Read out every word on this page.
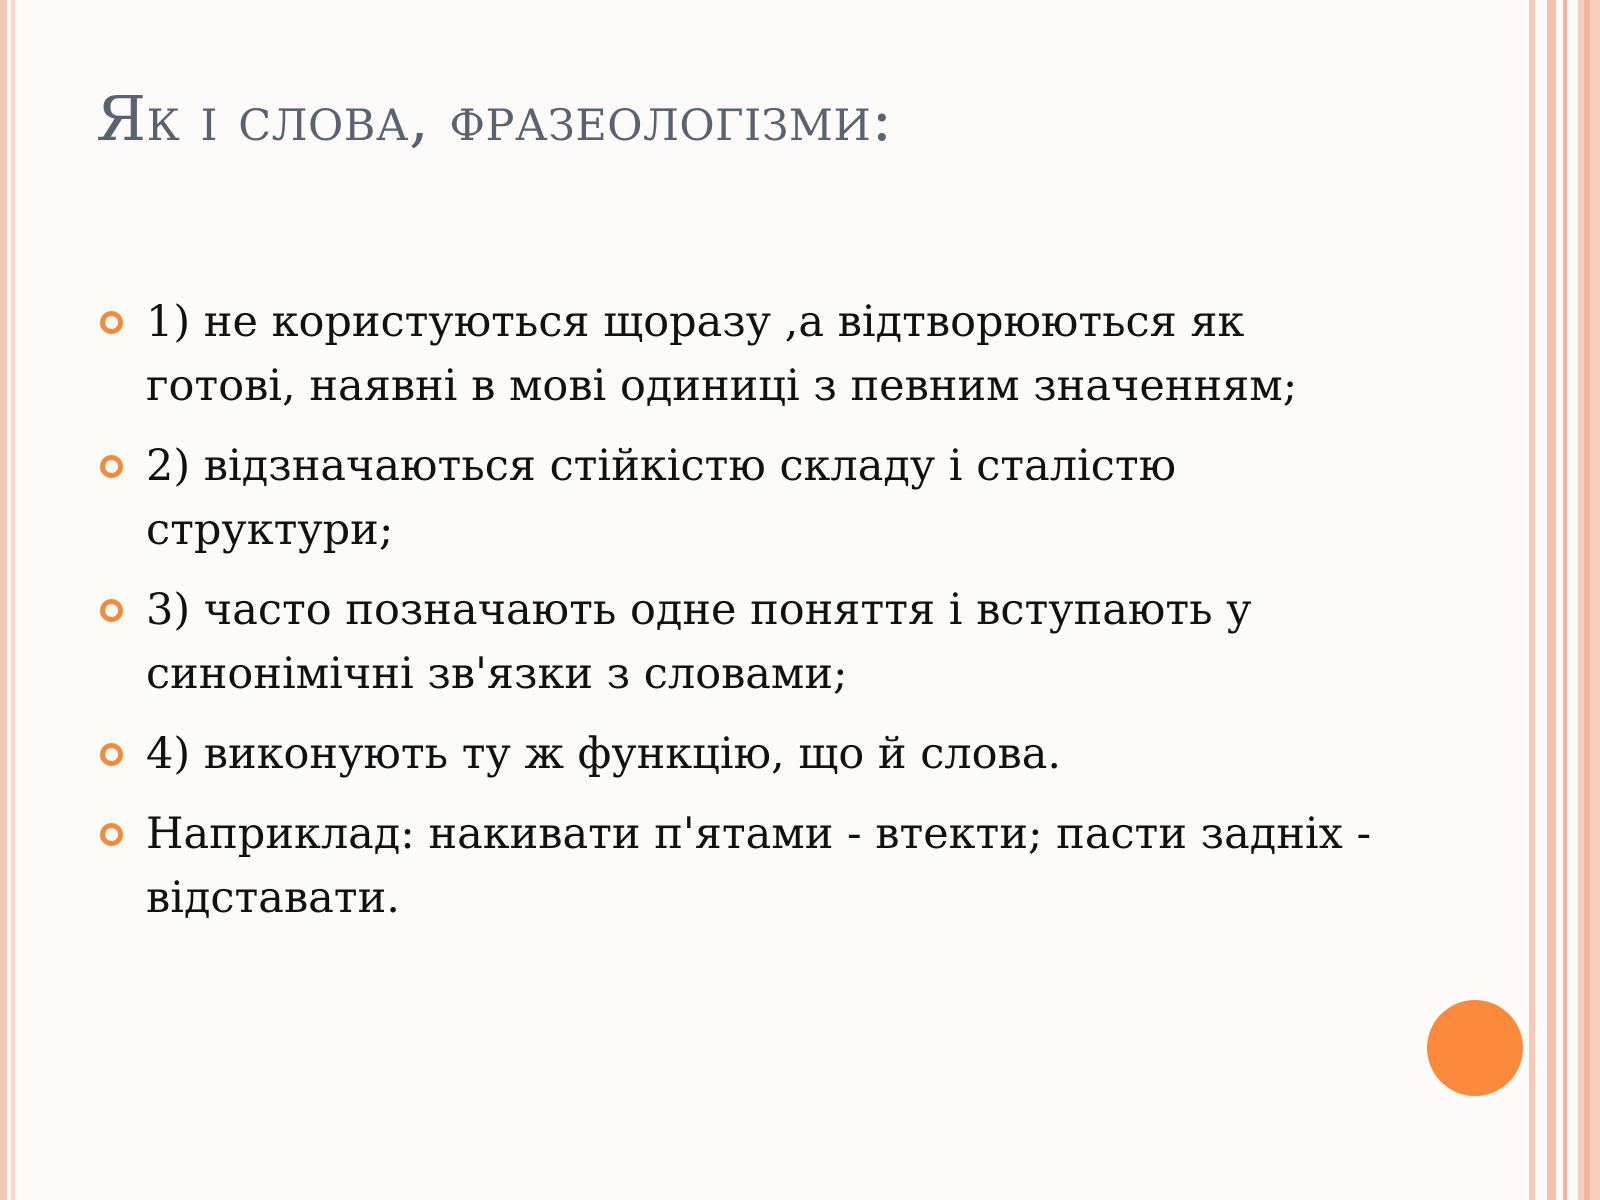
Як і слова, фразеологізми:
1) не користуються щоразу ,а відтворюються як готові, наявні в мові одиниці з певним значенням;
2) відзначаються стійкістю складу і сталістю структури;
3) часто позначають одне поняття і вступають у синонімічні зв'язки з словами;
4) виконують ту ж функцію, що й слова.
Наприклад: накивати п'ятами - втекти; пасти задніх - відставати.
